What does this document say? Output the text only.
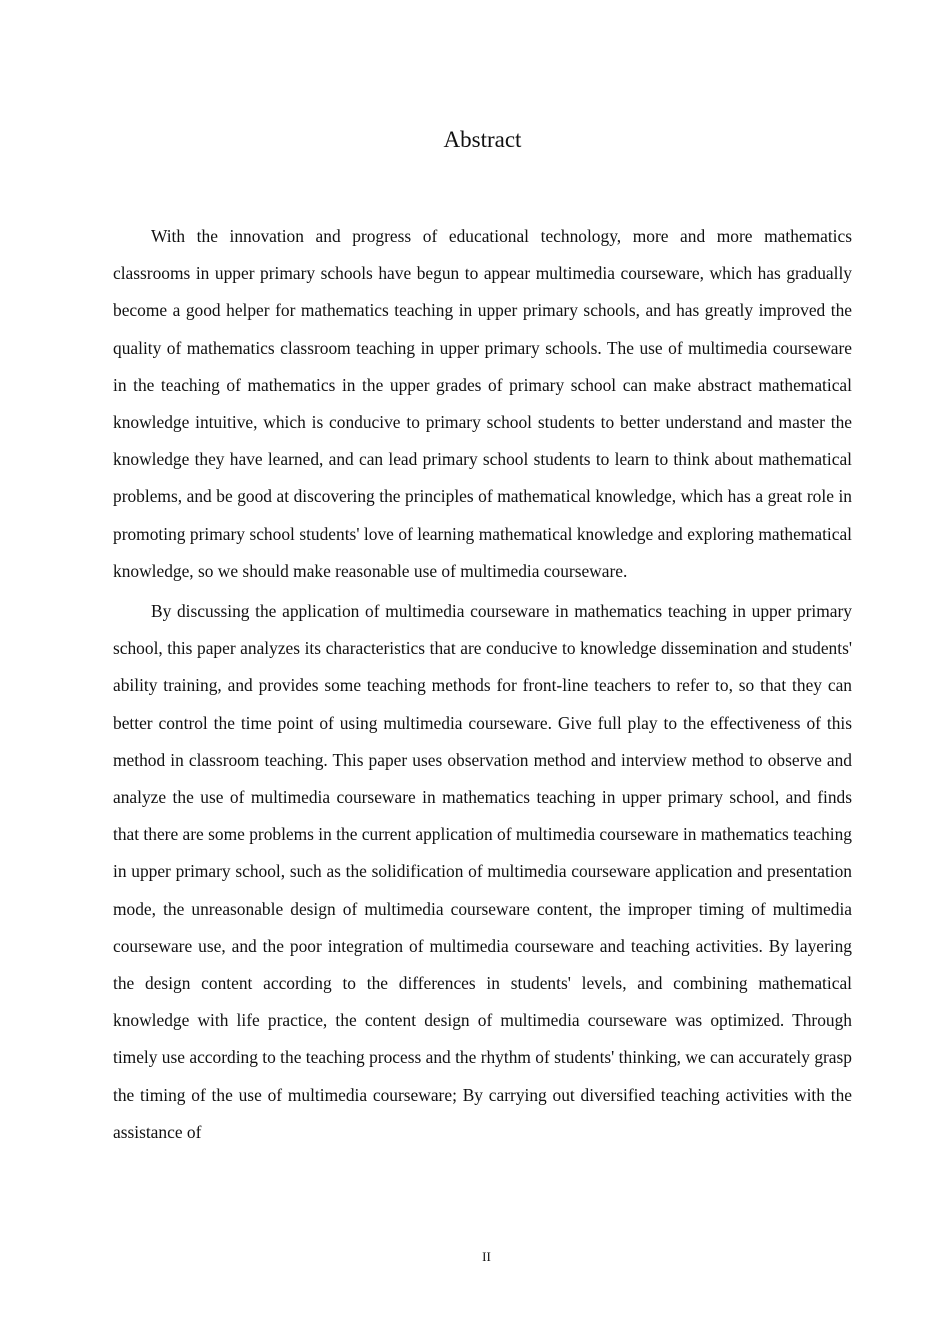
Abstract

With the innovation and progress of educational technology, more and more mathematics classrooms in upper primary schools have begun to appear multimedia courseware, which has gradually become a good helper for mathematics teaching in upper primary schools, and has greatly improved the quality of mathematics classroom teaching in upper primary schools. The use of multimedia courseware in the teaching of mathematics in the upper grades of primary school can make abstract mathematical knowledge intuitive, which is conducive to primary school students to better understand and master the knowledge they have learned, and can lead primary school students to learn to think about mathematical problems, and be good at discovering the principles of mathematical knowledge, which has a great role in promoting primary school students' love of learning mathematical knowledge and exploring mathematical knowledge, so we should make reasonable use of multimedia courseware.

By discussing the application of multimedia courseware in mathematics teaching in upper primary school, this paper analyzes its characteristics that are conducive to knowledge dissemination and students' ability training, and provides some teaching methods for front-line teachers to refer to, so that they can better control the time point of using multimedia courseware. Give full play to the effectiveness of this method in classroom teaching. This paper uses observation method and interview method to observe and analyze the use of multimedia courseware in mathematics teaching in upper primary school, and finds that there are some problems in the current application of multimedia courseware in mathematics teaching in upper primary school, such as the solidification of multimedia courseware application and presentation mode, the unreasonable design of multimedia courseware content, the improper timing of multimedia courseware use, and the poor integration of multimedia courseware and teaching activities. By layering the design content according to the differences in students' levels, and combining mathematical knowledge with life practice, the content design of multimedia courseware was optimized. Through timely use according to the teaching process and the rhythm of students' thinking, we can accurately grasp the timing of the use of multimedia courseware; By carrying out diversified teaching activities with the assistance of

II
